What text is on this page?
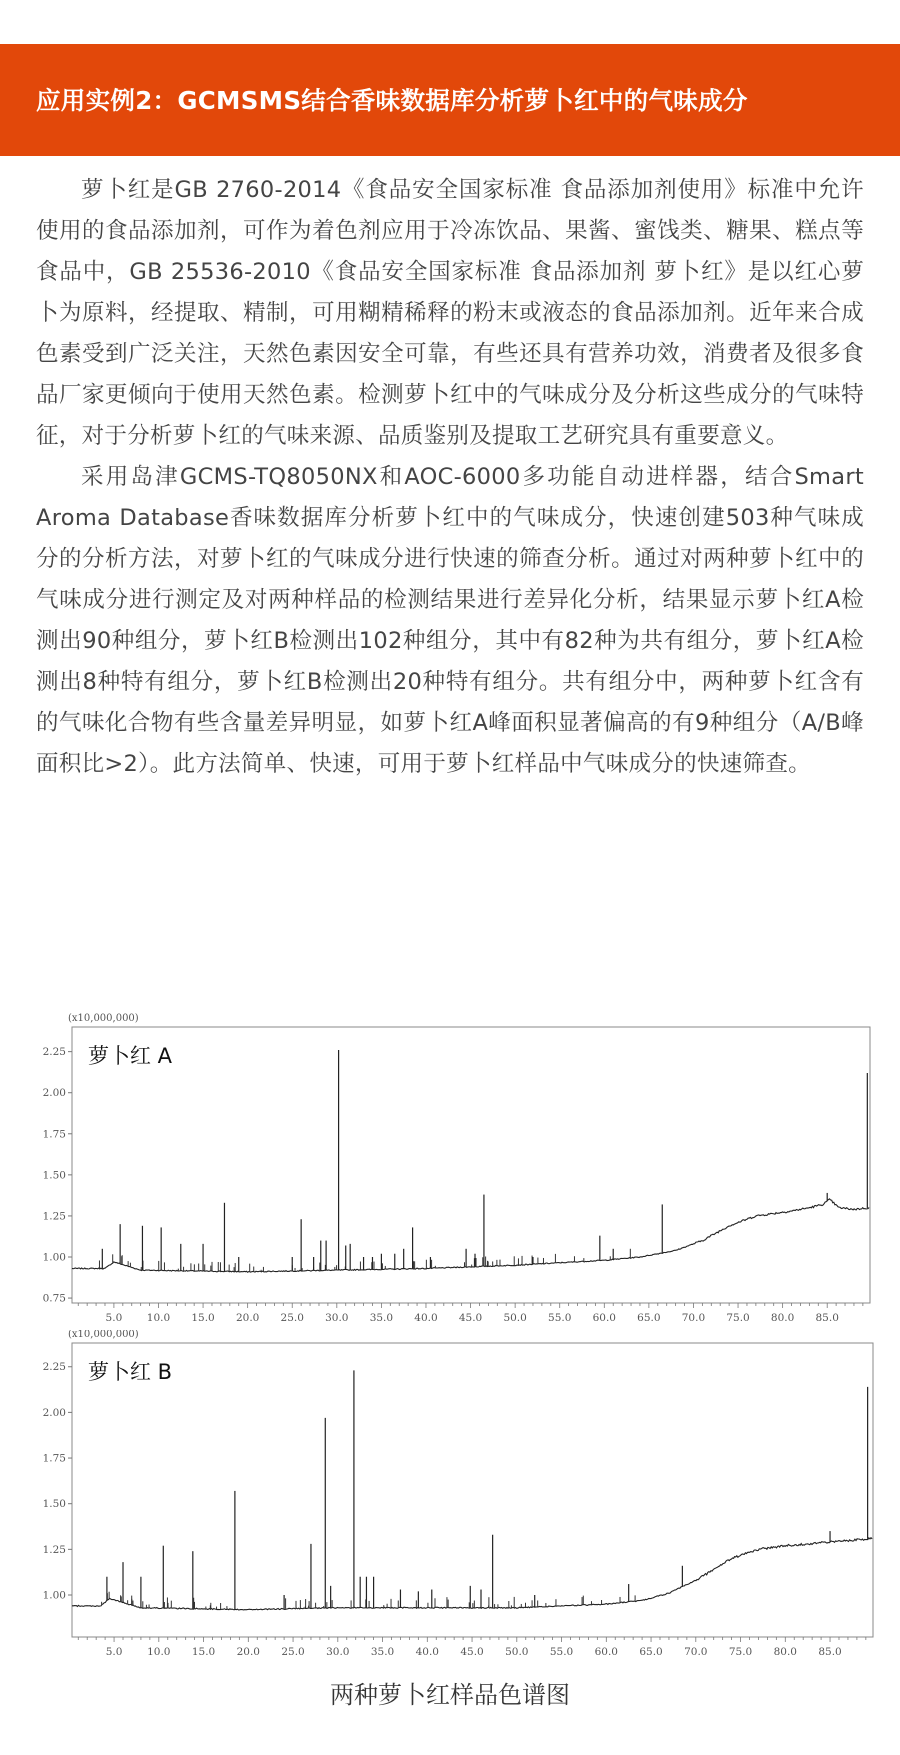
应用实例2：GCMSMS结合香味数据库分析萝卜红中的气味成分

萝卜红是GB 2760-2014《食品安全国家标准 食品添加剂使用》标准中允许使用的食品添加剂，可作为着色剂应用于冷冻饮品、果酱、蜜饯类、糖果、糕点等食品中，GB 25536-2010《食品安全国家标准 食品添加剂 萝卜红》是以红心萝卜为原料，经提取、精制，可用糊精稀释的粉末或液态的食品添加剂。近年来合成色素受到广泛关注，天然色素因安全可靠，有些还具有营养功效，消费者及很多食品厂家更倾向于使用天然色素。检测萝卜红中的气味成分及分析这些成分的气味特征，对于分析萝卜红的气味来源、品质鉴别及提取工艺研究具有重要意义。

采用岛津GCMS-TQ8050NX和AOC-6000多功能自动进样器，结合Smart Aroma Database香味数据库分析萝卜红中的气味成分，快速创建503种气味成分的分析方法，对萝卜红的气味成分进行快速的筛查分析。通过对两种萝卜红中的气味成分进行测定及对两种样品的检测结果进行差异化分析，结果显示萝卜红A检测出90种组分，萝卜红B检测出102种组分，其中有82种为共有组分，萝卜红A检测出8种特有组分，萝卜红B检测出20种特有组分。共有组分中，两种萝卜红含有的气味化合物有些含量差异明显，如萝卜红A峰面积显著偏高的有9种组分（A/B峰面积比>2）。此方法简单、快速，可用于萝卜红样品中气味成分的快速筛查。

(x10,000,000)
萝卜红 A
0.75
1.00
1.25
1.50
1.75
2.00
2.25
5.0 10.0 15.0 20.0 25.0 30.0 35.0 40.0 45.0 50.0 55.0 60.0 65.0 70.0 75.0 80.0 85.0
(x10,000,000)
萝卜红 B
1.00
1.25
1.50
1.75
2.00
2.25
5.0 10.0 15.0 20.0 25.0 30.0 35.0 40.0 45.0 50.0 55.0 60.0 65.0 70.0 75.0 80.0 85.0
两种萝卜红样品色谱图
